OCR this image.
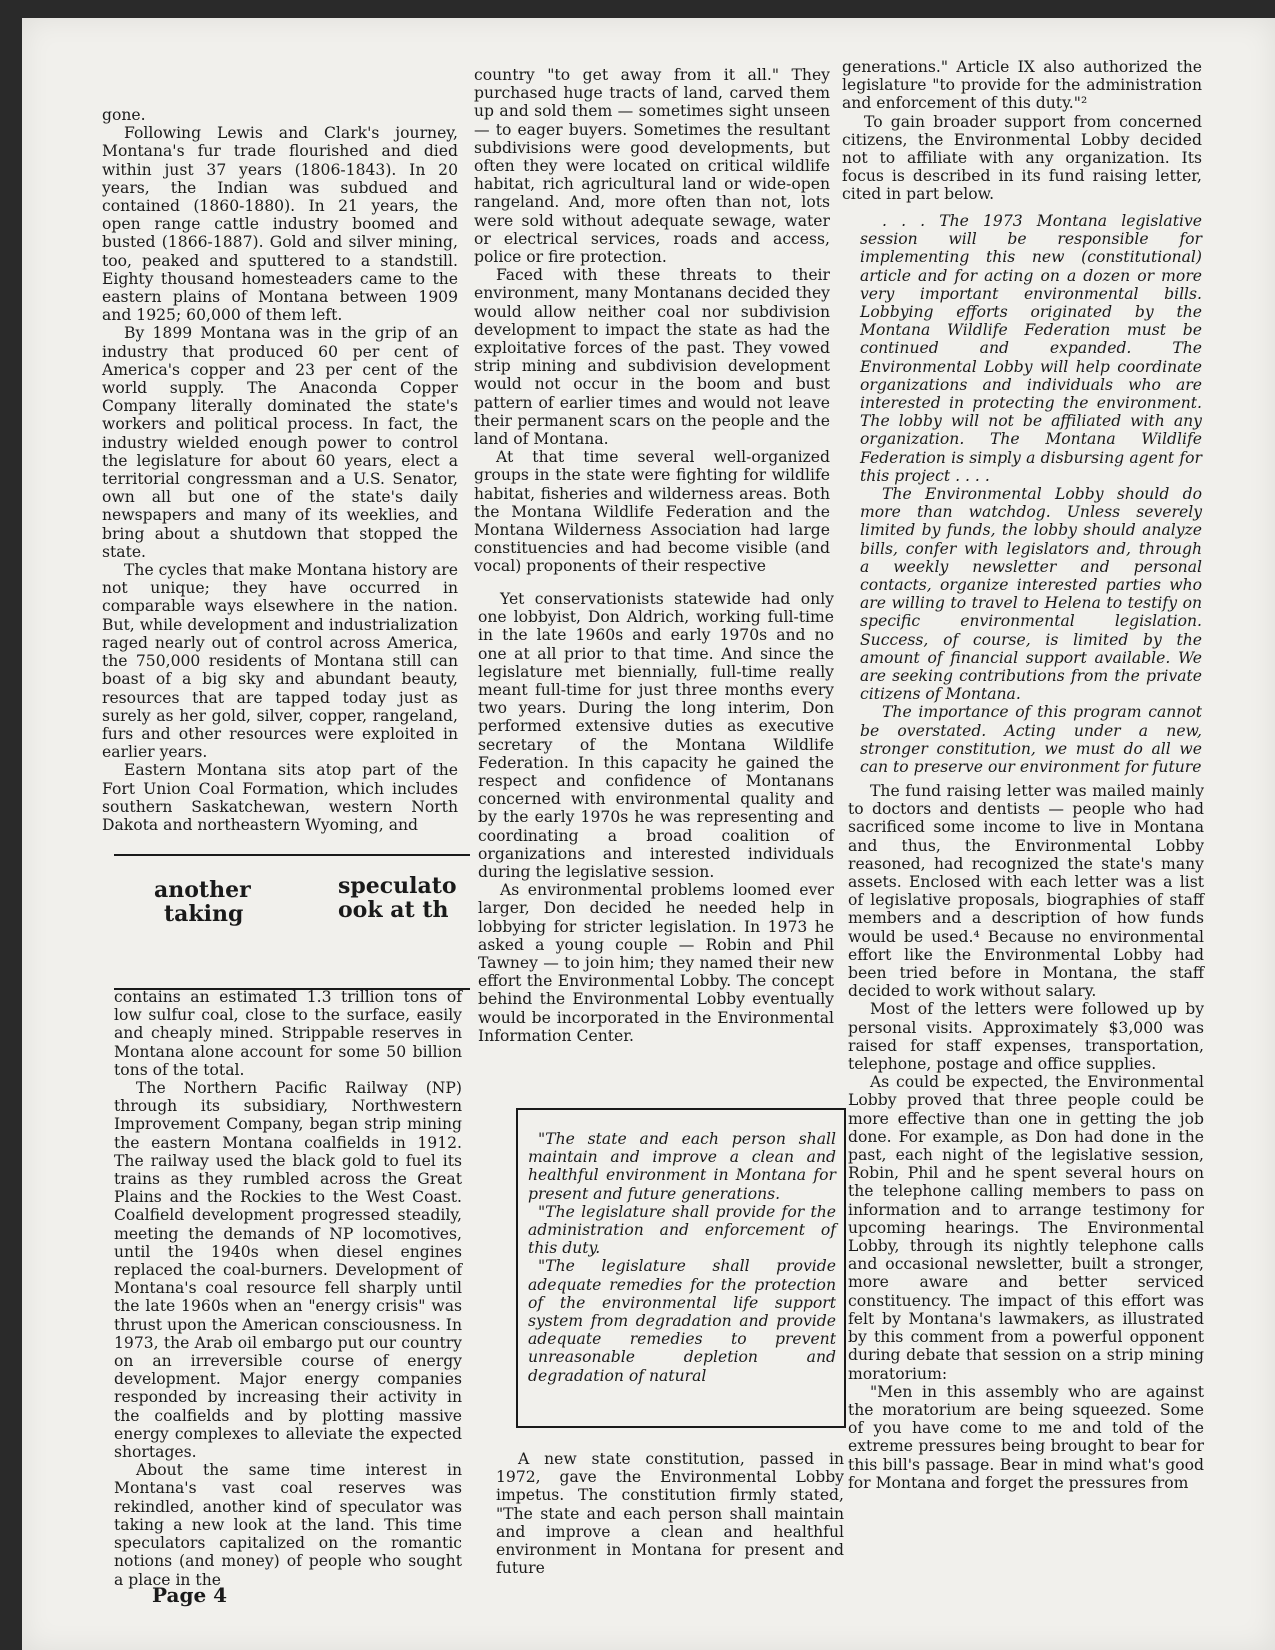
gone.

Following Lewis and Clark's journey, Montana's fur trade flourished and died within just 37 years (1806-1843). In 20 years, the Indian was subdued and contained (1860-1880). In 21 years, the open range cattle industry boomed and busted (1866-1887). Gold and silver mining, too, peaked and sputtered to a standstill. Eighty thousand homesteaders came to the eastern plains of Montana between 1909 and 1925; 60,000 of them left.

By 1899 Montana was in the grip of an industry that produced 60 per cent of America's copper and 23 per cent of the world supply. The Anaconda Copper Company literally dominated the state's workers and political process. In fact, the industry wielded enough power to control the legislature for about 60 years, elect a territorial congressman and a U.S. Senator, own all but one of the state's daily newspapers and many of its weeklies, and bring about a shutdown that stopped the state.

The cycles that make Montana history are not unique; they have occurred in comparable ways elsewhere in the nation. But, while development and industrialization raged nearly out of control across America, the 750,000 residents of Montana still can boast of a big sky and abundant beauty, resources that are tapped today just as surely as her gold, silver, copper, rangeland, furs and other resources were exploited in earlier years.

Eastern Montana sits atop part of the Fort Union Coal Formation, which includes southern Saskatchewan, western North Dakota and northeastern Wyoming, and

another
taking
speculato
ook at th

contains an estimated 1.3 trillion tons of low sulfur coal, close to the surface, easily and cheaply mined. Strippable reserves in Montana alone account for some 50 billion tons of the total.

The Northern Pacific Railway (NP) through its subsidiary, Northwestern Improvement Company, began strip mining the eastern Montana coalfields in 1912. The railway used the black gold to fuel its trains as they rumbled across the Great Plains and the Rockies to the West Coast. Coalfield development progressed steadily, meeting the demands of NP locomotives, until the 1940s when diesel engines replaced the coal-burners. Development of Montana's coal resource fell sharply until the late 1960s when an "energy crisis" was thrust upon the American consciousness. In 1973, the Arab oil embargo put our country on an irreversible course of energy development. Major energy companies responded by increasing their activity in the coalfields and by plotting massive energy complexes to alleviate the expected shortages.

About the same time interest in Montana's vast coal reserves was rekindled, another kind of speculator was taking a new look at the land. This time speculators capitalized on the romantic notions (and money) of people who sought a place in the

country "to get away from it all." They purchased huge tracts of land, carved them up and sold them — sometimes sight unseen — to eager buyers. Sometimes the resultant subdivisions were good developments, but often they were located on critical wildlife habitat, rich agricultural land or wide-open rangeland. And, more often than not, lots were sold without adequate sewage, water or electrical services, roads and access, police or fire protection.

Faced with these threats to their environment, many Montanans decided they would allow neither coal nor subdivision development to impact the state as had the exploitative forces of the past. They vowed strip mining and subdivision development would not occur in the boom and bust pattern of earlier times and would not leave their permanent scars on the people and the land of Montana.

At that time several well-organized groups in the state were fighting for wildlife habitat, fisheries and wilderness areas. Both the Montana Wildlife Federation and the Montana Wilderness Association had large constituencies and had become visible (and vocal) proponents of their respective

Yet conservationists statewide had only one lobbyist, Don Aldrich, working full-time in the late 1960s and early 1970s and no one at all prior to that time. And since the legislature met biennially, full-time really meant full-time for just three months every two years. During the long interim, Don performed extensive duties as executive secretary of the Montana Wildlife Federation. In this capacity he gained the respect and confidence of Montanans concerned with environmental quality and by the early 1970s he was representing and coordinating a broad coalition of organizations and interested individuals during the legislative session.

As environmental problems loomed ever larger, Don decided he needed help in lobbying for stricter legislation. In 1973 he asked a young couple — Robin and Phil Tawney — to join him; they named their new effort the Environmental Lobby. The concept behind the Environmental Lobby eventually would be incorporated in the Environmental Information Center.

"The state and each person shall maintain and improve a clean and healthful environment in Montana for present and future generations.

"The legislature shall provide for the administration and enforcement of this duty.

"The legislature shall provide adequate remedies for the protection of the environmental life support system from degradation and provide adequate remedies to prevent unreasonable depletion and degradation of natural

A new state constitution, passed in 1972, gave the Environmental Lobby impetus. The constitution firmly stated, "The state and each person shall maintain and improve a clean and healthful environment in Montana for present and future

generations." Article IX also authorized the legislature "to provide for the administration and enforcement of this duty."²

To gain broader support from concerned citizens, the Environmental Lobby decided not to affiliate with any organization. Its focus is described in its fund raising letter, cited in part below.

. . . The 1973 Montana legislative session will be responsible for implementing this new (constitutional) article and for acting on a dozen or more very important environmental bills. Lobbying efforts originated by the Montana Wildlife Federation must be continued and expanded. The Environmental Lobby will help coordinate organizations and individuals who are interested in protecting the environment. The lobby will not be affiliated with any organization. The Montana Wildlife Federation is simply a disbursing agent for this project . . . .

The Environmental Lobby should do more than watchdog. Unless severely limited by funds, the lobby should analyze bills, confer with legislators and, through a weekly newsletter and personal contacts, organize interested parties who are willing to travel to Helena to testify on specific environmental legislation. Success, of course, is limited by the amount of financial support available. We are seeking contributions from the private citizens of Montana.

The importance of this program cannot be overstated. Acting under a new, stronger constitution, we must do all we can to preserve our environment for future

The fund raising letter was mailed mainly to doctors and dentists — people who had sacrificed some income to live in Montana and thus, the Environmental Lobby reasoned, had recognized the state's many assets. Enclosed with each letter was a list of legislative proposals, biographies of staff members and a description of how funds would be used.⁴ Because no environmental effort like the Environmental Lobby had been tried before in Montana, the staff decided to work without salary.

Most of the letters were followed up by personal visits. Approximately $3,000 was raised for staff expenses, transportation, telephone, postage and office supplies.

As could be expected, the Environmental Lobby proved that three people could be more effective than one in getting the job done. For example, as Don had done in the past, each night of the legislative session, Robin, Phil and he spent several hours on the telephone calling members to pass on information and to arrange testimony for upcoming hearings. The Environmental Lobby, through its nightly telephone calls and occasional newsletter, built a stronger, more aware and better serviced constituency. The impact of this effort was felt by Montana's lawmakers, as illustrated by this comment from a powerful opponent during debate that session on a strip mining moratorium:

"Men in this assembly who are against the moratorium are being squeezed. Some of you have come to me and told of the extreme pressures being brought to bear for this bill's passage. Bear in mind what's good for Montana and forget the pressures from

Page 4
